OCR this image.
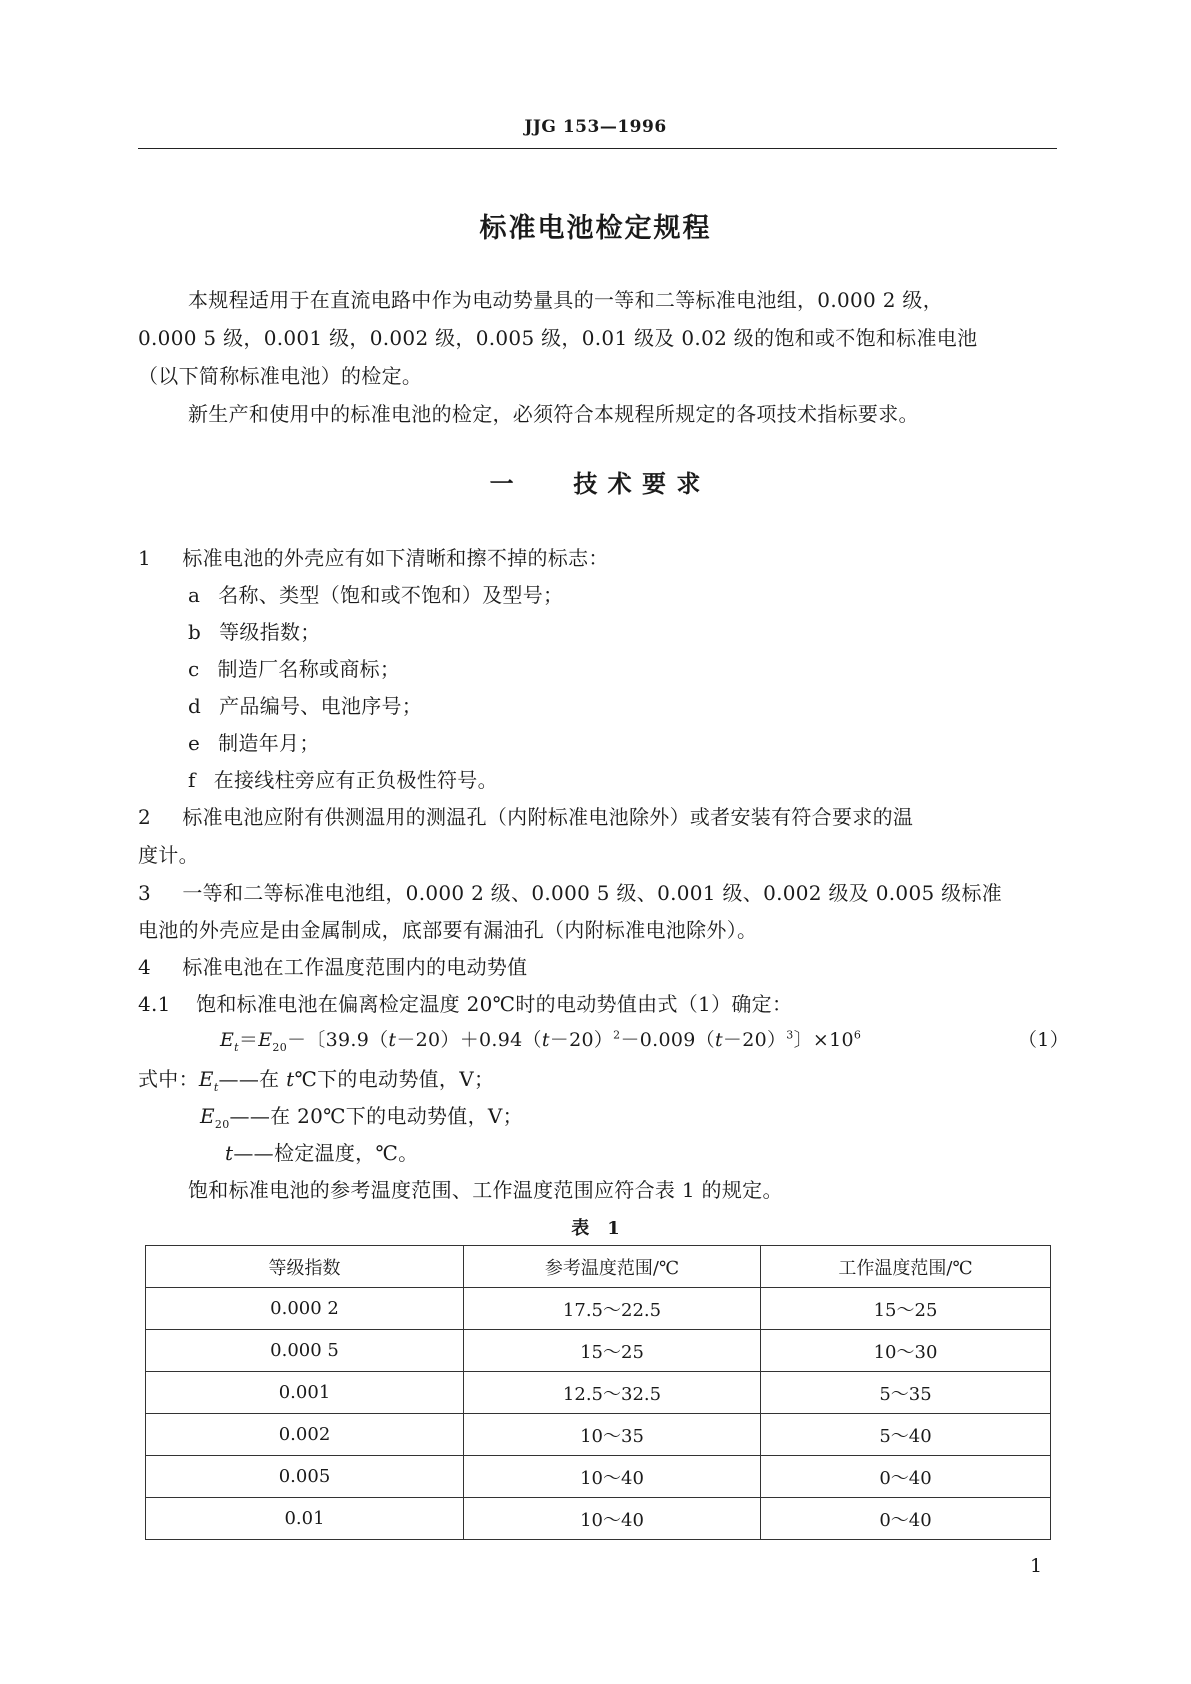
JJG 153—1996
标准电池检定规程
本规程适用于在直流电路中作为电动势量具的一等和二等标准电池组，0.000 2 级，
0.000 5 级，0.001 级，0.002 级，0.005 级，0.01 级及 0.02 级的饱和或不饱和标准电池
（以下简称标准电池）的检定。
新生产和使用中的标准电池的检定，必须符合本规程所规定的各项技术指标要求。
一 技 术 要 求
1 标准电池的外壳应有如下清晰和擦不掉的标志：
a 名称、类型（饱和或不饱和）及型号；
b 等级指数；
c 制造厂名称或商标；
d 产品编号、电池序号；
e 制造年月；
f 在接线柱旁应有正负极性符号。
2 标准电池应附有供测温用的测温孔（内附标准电池除外）或者安装有符合要求的温
度计。
3 一等和二等标准电池组，0.000 2 级、0.000 5 级、0.001 级、0.002 级及 0.005 级标准
电池的外壳应是由金属制成，底部要有漏油孔（内附标准电池除外）。
4 标准电池在工作温度范围内的电动势值
4.1 饱和标准电池在偏离检定温度 20℃时的电动势值由式（1）确定：
$E_t=E_{20}-$〔$39.9(t-20)+0.94(t-20)^2-0.009(t-20)^3$〕$\times 10^6$	（1）
式中：$E_t——$在 t℃下的电动势值，V；
$E_{20}——$在 20℃下的电动势值，V；
t——检定温度，℃。
饱和标准电池的参考温度范围、工作温度范围应符合表 1 的规定。
表　1
等级指数	参考温度范围/℃	工作温度范围/℃
0.000 2	17.5～22.5	15～25
0.000 5	15～25	10～30
0.001	12.5～32.5	5～35
0.002	10～35	5～40
0.005	10～40	0～40
0.01	10～40	0～40
1
